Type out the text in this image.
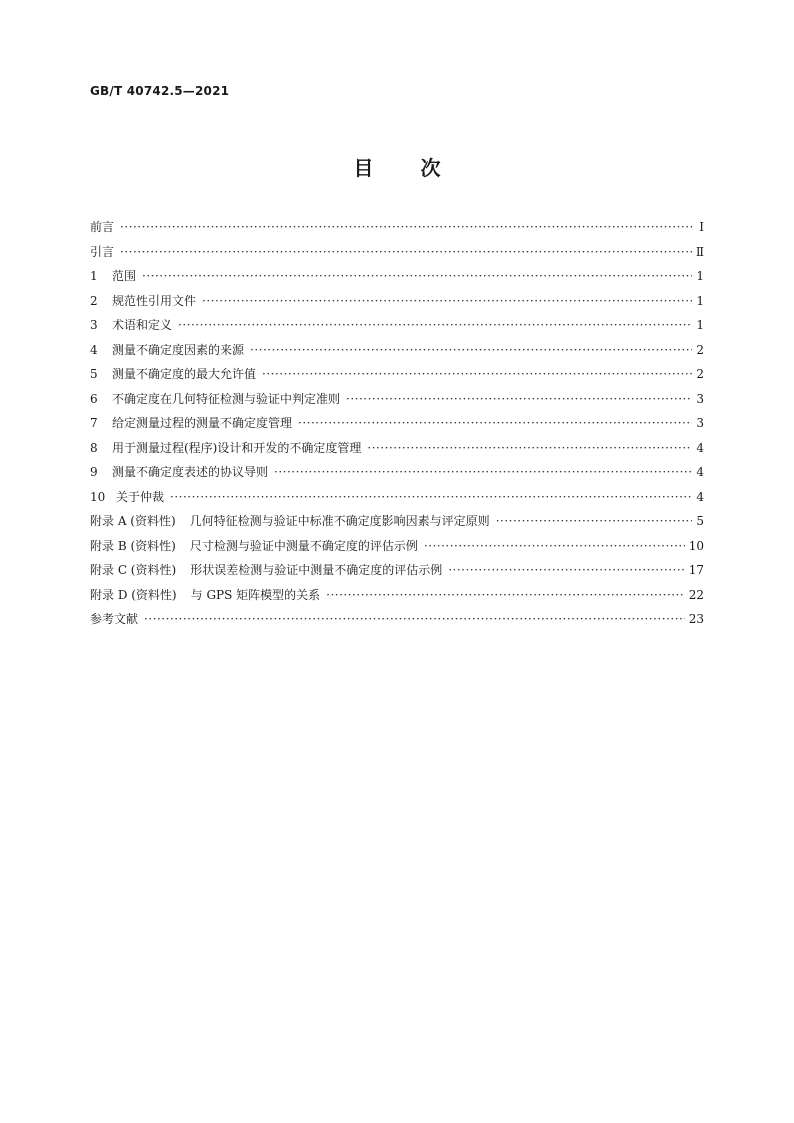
GB/T 40742.5—2021
目 次
前言 ·····	Ⅰ
引言 ·····	Ⅱ
1	范围 ·····	1
2	规范性引用文件 ·····	1
3	术语和定义 ·····	1
4	测量不确定度因素的来源 ·····	2
5	测量不确定度的最大允许值 ·····	2
6	不确定度在几何特征检测与验证中判定准则 ·····	3
7	给定测量过程的测量不确定度管理 ·····	3
8	用于测量过程(程序)设计和开发的不确定度管理 ·····	4
9	测量不确定度表述的协议导则 ·····	4
10 关于仲裁 ·····	4
附录 A (资料性) 几何特征检测与验证中标准不确定度影响因素与评定原则 ·····	5
附录 B (资料性) 尺寸检测与验证中测量不确定度的评估示例 ·····	10
附录 C (资料性) 形状误差检测与验证中测量不确定度的评估示例 ·····	17
附录 D (资料性) 与 GPS 矩阵模型的关系 ·····	22
参考文献 ·····	23
